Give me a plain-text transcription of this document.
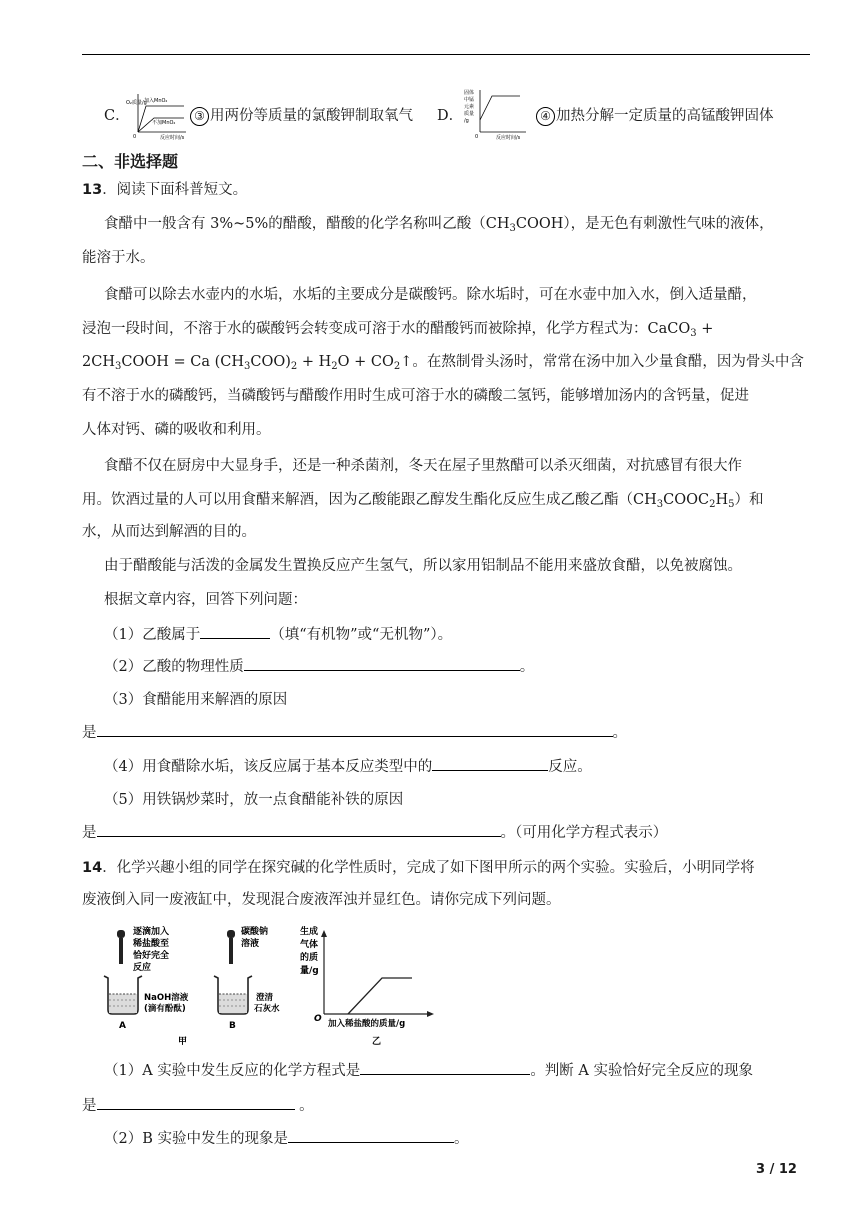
C．
O₂质量/g
加入MnO₂
不加MnO₂
0	反应时间/s
③ 用两份等质量的氯酸钾制取氧气 D．
固体
中锰
元素
质量
/g
0	反应时间/s
④ 加热分解一定质量的高锰酸钾固体
二、非选择题
13．阅读下面科普短文。
食醋中一般含有 3%~5%的醋酸，醋酸的化学名称叫乙酸$(CH_3COOH)$，是无色有刺激性气味的液体，
能溶于水。
食醋可以除去水壶内的水垢，水垢的主要成分是碳酸钙。除水垢时，可在水壶中加入水，倒入适量醋，
浸泡一段时间，不溶于水的碳酸钙会转变成可溶于水的醋酸钙而被除掉，化学方程式为：CaCO$_3$ +
$2CH_3COOH = Ca$ $(CH_3COO)_2 + H_2O$ + $CO_2↑$。在熬制骨头汤时，常常在汤中加入少量食醋，因为骨头中含
有不溶于水的磷酸钙，当磷酸钙与醋酸作用时生成可溶于水的磷酸二氢钙，能够增加汤内的含钙量，促进
人体对钙、磷的吸收和利用。
食醋不仅在厨房中大显身手，还是一种杀菌剂，冬天在屋子里熬醋可以杀灭细菌，对抗感冒有很大作
用。饮酒过量的人可以用食醋来解酒，因为乙酸能跟乙醇发生酯化反应生成乙酸乙酯$(CH_3COOC_2H_5)$和
水，从而达到解酒的目的。
由于醋酸能与活泼的金属发生置换反应产生氢气，所以家用铝制品不能用来盛放食醋，以免被腐蚀。
根据文章内容，回答下列问题：
（1）乙酸属于	（填“有机物”或“无机物”）。
（2）乙酸的物理性质	。
（3）食醋能用来解酒的原因
是	。
（4）用食醋除水垢，该反应属于基本反应类型中的	反应。
（5）用铁锅炒菜时，放一点食醋能补铁的原因
是	。（可用化学方程式表示）
14．化学兴趣小组的同学在探究碱的化学性质时，完成了如下图甲所示的两个实验。实验后，小明同学将
废液倒入同一废液缸中，发现混合废液浑浊并显红色。请你完成下列问题。
逐滴加入
稀盐酸至
恰好完全
反应
NaOH溶液
(滴有酚酞)
A
碳酸钠
溶液
澄清
石灰水
B
甲
生成
气体
的质
量/g
O 加入稀盐酸的质量/g
乙
（1）A 实验中发生反应的化学方程式是	。判断 A 实验恰好完全反应的现象
是	。
（2）B 实验中发生的现象是	。
3 / 12
